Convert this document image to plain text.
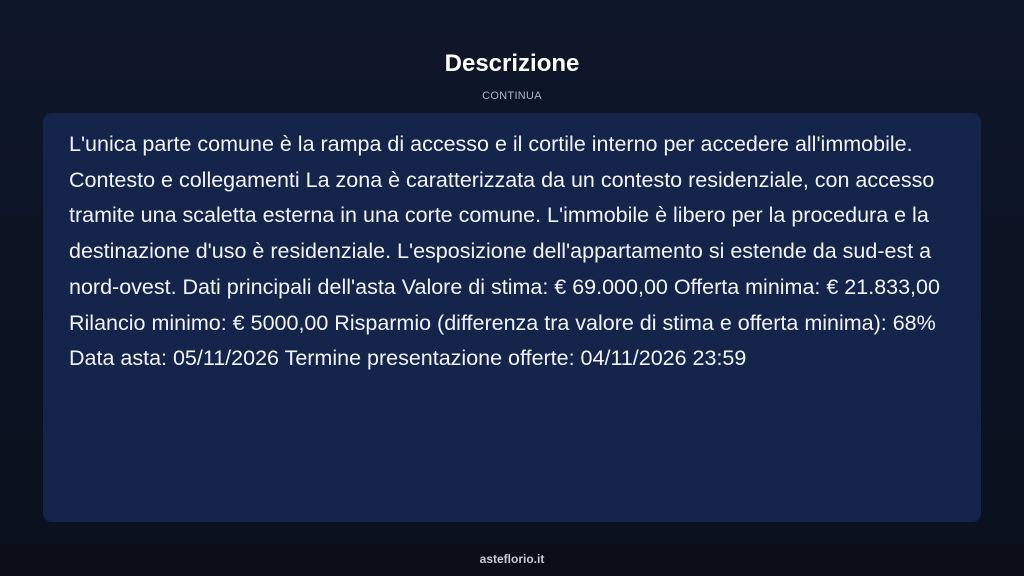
Descrizione
CONTINUA

L'unica parte comune è la rampa di accesso e il cortile interno per accedere all'immobile. Contesto e collegamenti La zona è caratterizzata da un contesto residenziale, con accesso tramite una scaletta esterna in una corte comune. L'immobile è libero per la procedura e la destinazione d'uso è residenziale. L'esposizione dell'appartamento si estende da sud-est a nord-ovest. Dati principali dell'asta Valore di stima: € 69.000,00 Offerta minima: € 21.833,00 Rilancio minimo: € 5000,00 Risparmio (differenza tra valore di stima e offerta minima): 68% Data asta: 05/11/2026 Termine presentazione offerte: 04/11/2026 23:59

asteflorio.it
